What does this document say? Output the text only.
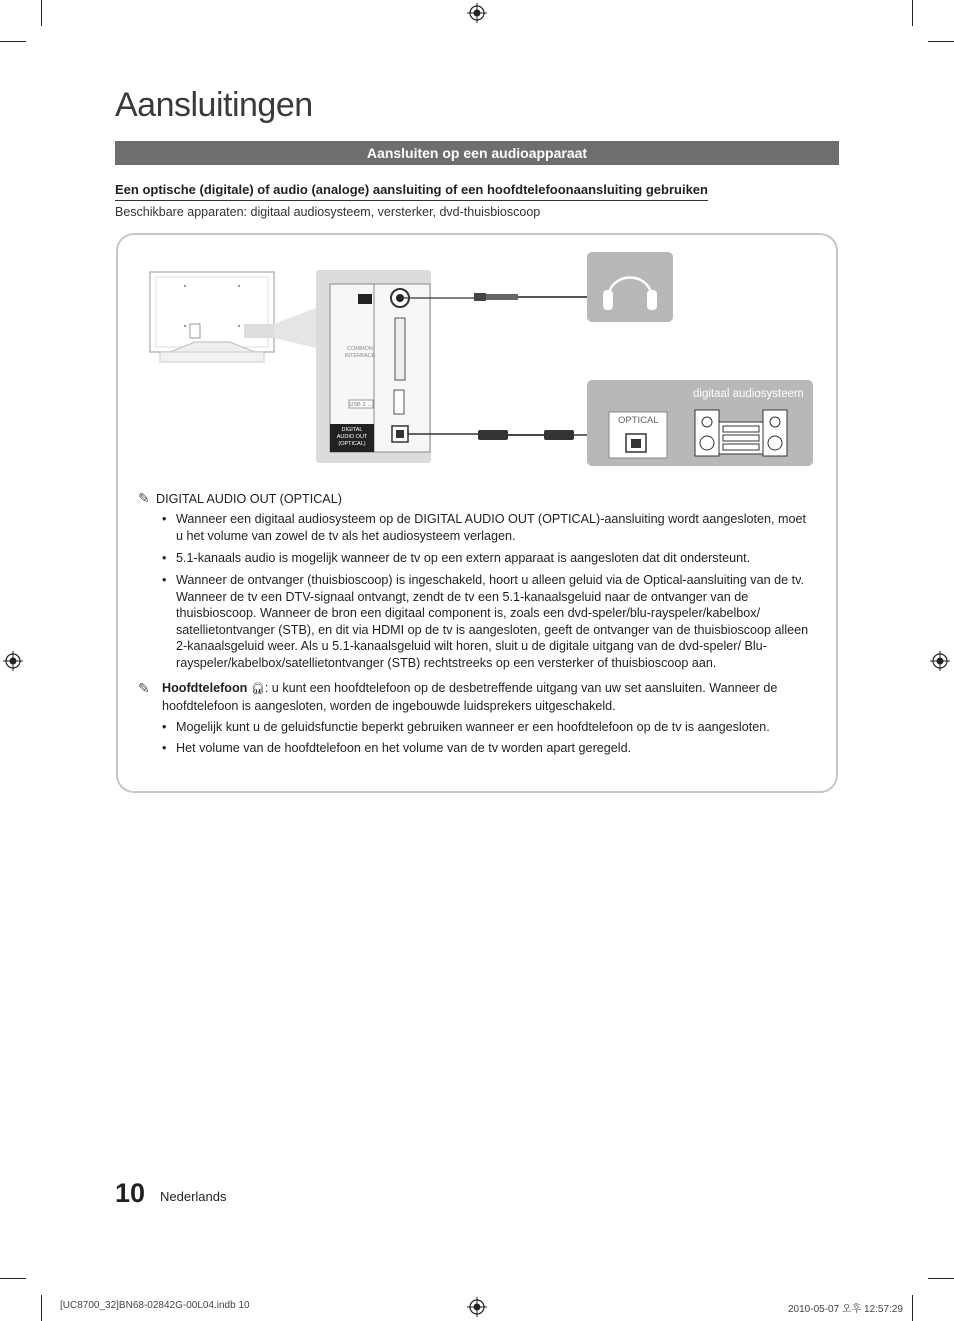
Aansluitingen
Aansluiten op een audioapparaat
Een optische (digitale) of audio (analoge) aansluiting of een hoofdtelefoonaansluiting gebruiken
Beschikbare apparaten: digitaal audiosysteem, versterker, dvd-thuisbioscoop
COMMON
INTERFACE
USB 3 ↔
DIGITAL
AUDIO OUT
(OPTICAL)
digitaal audiosysteem
OPTICAL
✎ DIGITAL AUDIO OUT (OPTICAL)
• Wanneer een digitaal audiosysteem op de DIGITAL AUDIO OUT (OPTICAL)-aansluiting wordt aangesloten, moet u het volume van zowel de tv als het audiosysteem verlagen.
• 5.1-kanaals audio is mogelijk wanneer de tv op een extern apparaat is aangesloten dat dit ondersteunt.
• Wanneer de ontvanger (thuisbioscoop) is ingeschakeld, hoort u alleen geluid via de Optical-aansluiting van de tv. Wanneer de tv een DTV-signaal ontvangt, zendt de tv een 5.1-kanaalsgeluid naar de ontvanger van de thuisbioscoop. Wanneer de bron een digitaal component is, zoals een dvd-speler/blu-rayspeler/kabelbox/ satellietontvanger (STB), en dit via HDMI op de tv is aangesloten, geeft de ontvanger van de thuisbioscoop alleen 2-kanaalsgeluid weer. Als u 5.1-kanaalsgeluid wilt horen, sluit u de digitale uitgang van de dvd-speler/ Blu-rayspeler/kabelbox/satellietontvanger (STB) rechtstreeks op een versterker of thuisbioscoop aan.
✎ Hoofdtelefoon 🎧︎: u kunt een hoofdtelefoon op de desbetreffende uitgang van uw set aansluiten. Wanneer de hoofdtelefoon is aangesloten, worden de ingebouwde luidsprekers uitgeschakeld.
• Mogelijk kunt u de geluidsfunctie beperkt gebruiken wanneer er een hoofdtelefoon op de tv is aangesloten.
• Het volume van de hoofdtelefoon en het volume van de tv worden apart geregeld.
10 Nederlands
[UC8700_32]BN68-02842G-00L04.indb 10	2010-05-07 오후 12:57:29
